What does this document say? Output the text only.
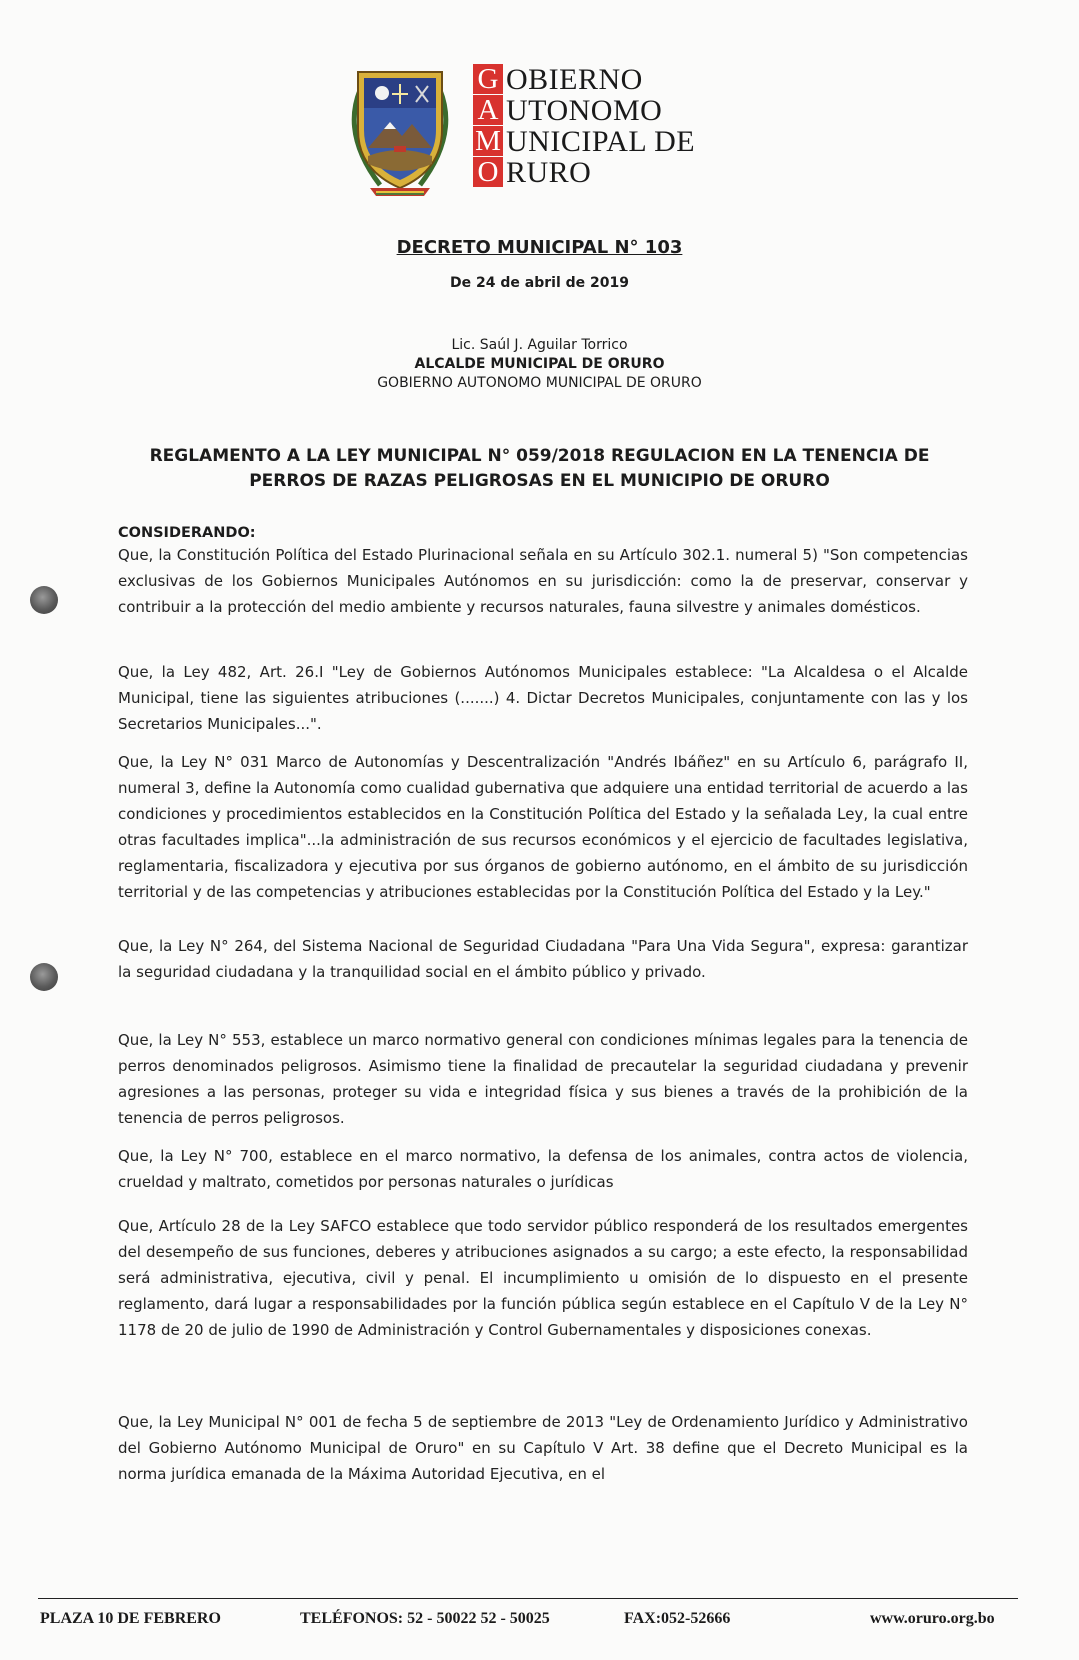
G
A
M
O
OBIERNO
UTONOMO
UNICIPAL DE
RURO
DECRETO MUNICIPAL N° 103
De 24 de abril de 2019
Lic. Saúl J. Aguilar Torrico
ALCALDE MUNICIPAL DE ORURO
GOBIERNO AUTONOMO MUNICIPAL DE ORURO
REGLAMENTO A LA LEY MUNICIPAL N° 059/2018 REGULACION EN LA TENENCIA DE
PERROS DE RAZAS PELIGROSAS EN EL MUNICIPIO DE ORURO
CONSIDERANDO:

Que, la Constitución Política del Estado Plurinacional señala en su Artículo 302.1. numeral 5) "Son competencias exclusivas de los Gobiernos Municipales Autónomos en su jurisdicción: como la de preservar, conservar y contribuir a la protección del medio ambiente y recursos naturales, fauna silvestre y animales domésticos.

Que, la Ley 482, Art. 26.I "Ley de Gobiernos Autónomos Municipales establece: "La Alcaldesa o el Alcalde Municipal, tiene las siguientes atribuciones (.......) 4. Dictar Decretos Municipales, conjuntamente con las y los Secretarios Municipales...".

Que, la Ley N° 031 Marco de Autonomías y Descentralización "Andrés Ibáñez" en su Artículo 6, parágrafo II, numeral 3, define la Autonomía como cualidad gubernativa que adquiere una entidad territorial de acuerdo a las condiciones y procedimientos establecidos en la Constitución Política del Estado y la señalada Ley, la cual entre otras facultades implica"...la administración de sus recursos económicos y el ejercicio de facultades legislativa, reglamentaria, fiscalizadora y ejecutiva por sus órganos de gobierno autónomo, en el ámbito de su jurisdicción territorial y de las competencias y atribuciones establecidas por la Constitución Política del Estado y la Ley."

Que, la Ley N° 264, del Sistema Nacional de Seguridad Ciudadana "Para Una Vida Segura", expresa: garantizar la seguridad ciudadana y la tranquilidad social en el ámbito público y privado.

Que, la Ley N° 553, establece un marco normativo general con condiciones mínimas legales para la tenencia de perros denominados peligrosos. Asimismo tiene la finalidad de precautelar la seguridad ciudadana y prevenir agresiones a las personas, proteger su vida e integridad física y sus bienes a través de la prohibición de la tenencia de perros peligrosos.

Que, la Ley N° 700, establece en el marco normativo, la defensa de los animales, contra actos de violencia, crueldad y maltrato, cometidos por personas naturales o jurídicas

Que, Artículo 28 de la Ley SAFCO establece que todo servidor público responderá de los resultados emergentes del desempeño de sus funciones, deberes y atribuciones asignados a su cargo; a este efecto, la responsabilidad será administrativa, ejecutiva, civil y penal. El incumplimiento u omisión de lo dispuesto en el presente reglamento, dará lugar a responsabilidades por la función pública según establece en el Capítulo V de la Ley N° 1178 de 20 de julio de 1990 de Administración y Control Gubernamentales y disposiciones conexas.

Que, la Ley Municipal N° 001 de fecha 5 de septiembre de 2013 "Ley de Ordenamiento Jurídico y Administrativo del Gobierno Autónomo Municipal de Oruro" en su Capítulo V Art. 38 define que el Decreto Municipal es la norma jurídica emanada de la Máxima Autoridad Ejecutiva, en el

PLAZA 10 DE FEBRERO	TELÉFONOS: 52 - 50022 52 - 50025	FAX:052-52666	www.oruro.org.bo
